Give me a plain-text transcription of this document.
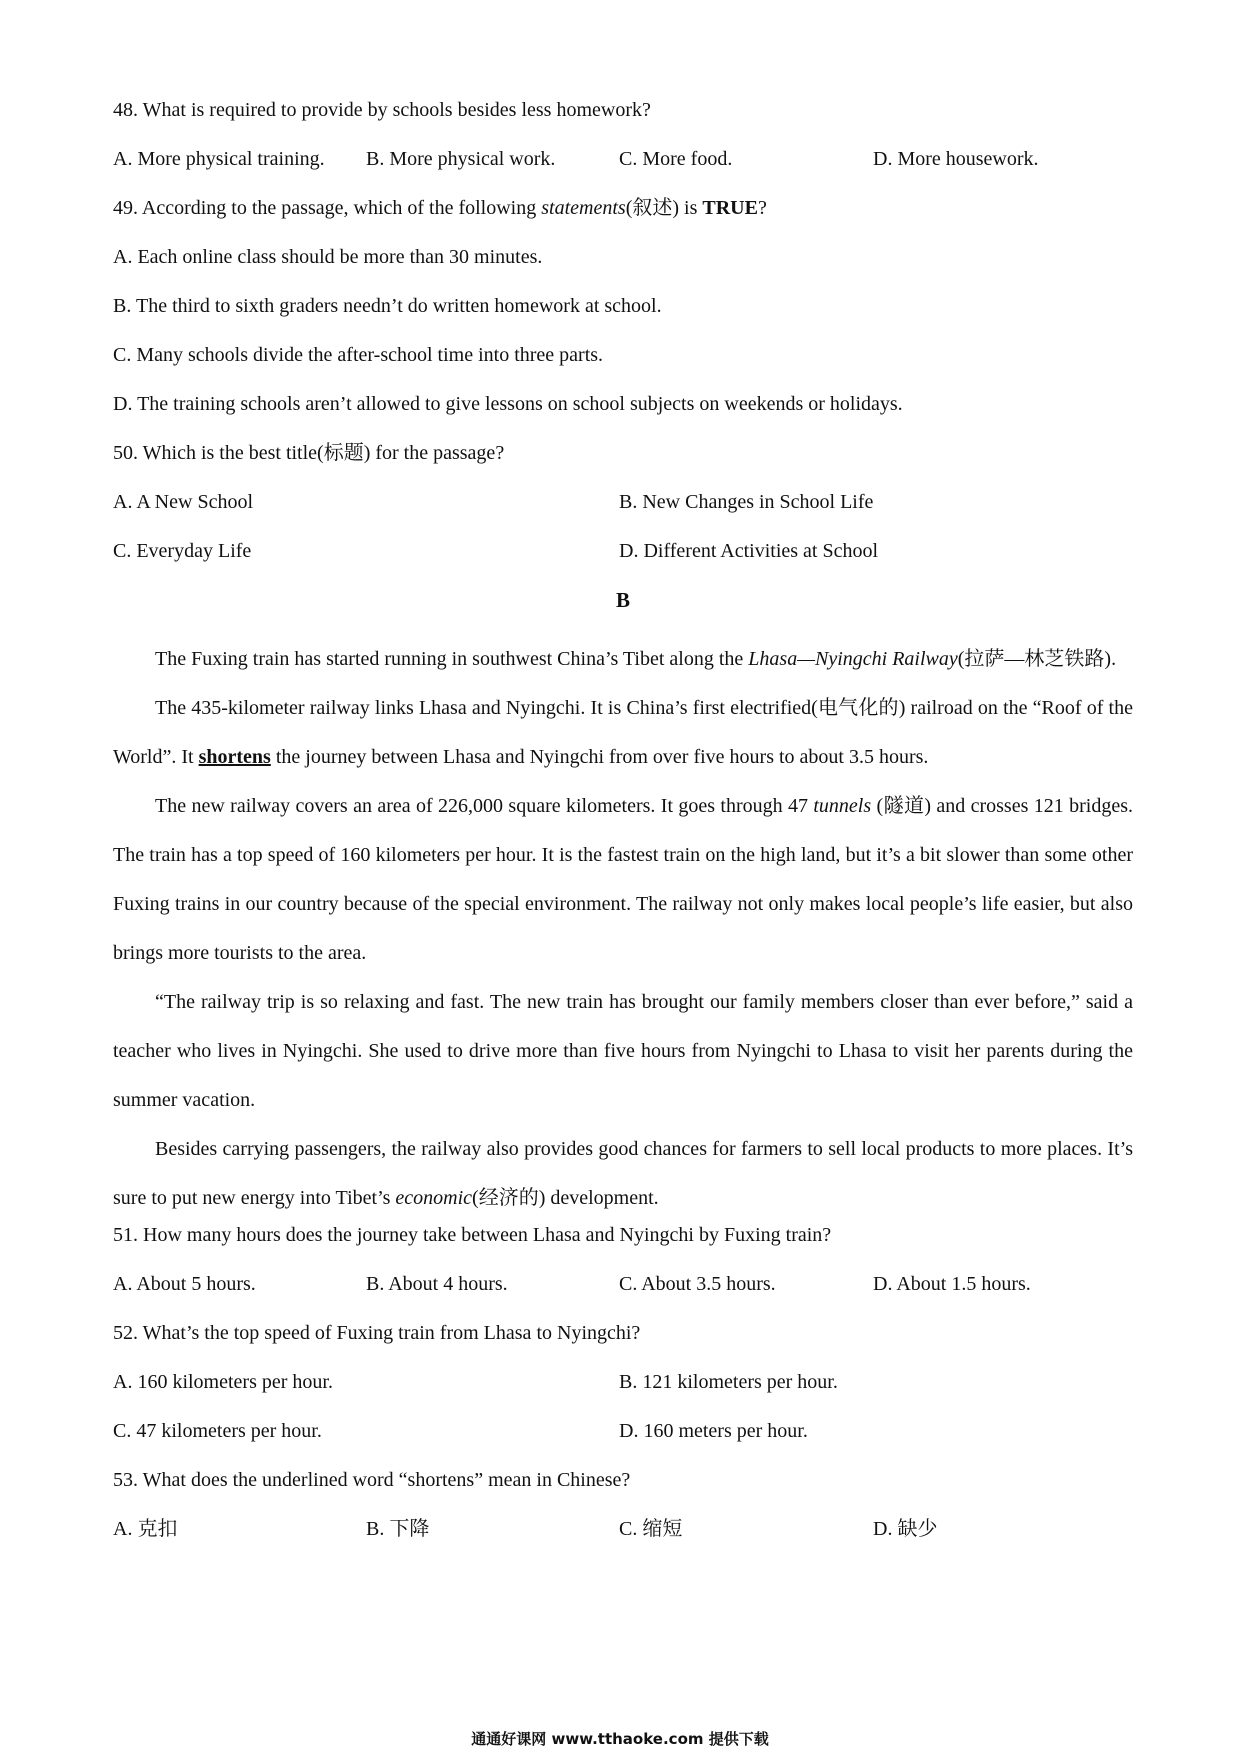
48. What is required to provide by schools besides less homework?
A. More physical training.	B. More physical work.	C. More food.	D. More housework.
49. According to the passage, which of the following statements(叙述) is TRUE?
A. Each online class should be more than 30 minutes.
B. The third to sixth graders needn’t do written homework at school.
C. Many schools divide the after-school time into three parts.
D. The training schools aren’t allowed to give lessons on school subjects on weekends or holidays.
50. Which is the best title(标题) for the passage?
A. A New School	B. New Changes in School Life
C. Everyday Life	D. Different Activities at School
B

The Fuxing train has started running in southwest China’s Tibet along the Lhasa—Nyingchi Railway(拉萨—林芝铁路).

The 435-kilometer railway links Lhasa and Nyingchi. It is China’s first electrified(电气化的) railroad on the “Roof of the World”. It shortens the journey between Lhasa and Nyingchi from over five hours to about 3.5 hours.

The new railway covers an area of 226,000 square kilometers. It goes through 47 tunnels (隧道) and crosses 121 bridges. The train has a top speed of 160 kilometers per hour. It is the fastest train on the high land, but it’s a bit slower than some other Fuxing trains in our country because of the special environment. The railway not only makes local people’s life easier, but also brings more tourists to the area.

“The railway trip is so relaxing and fast. The new train has brought our family members closer than ever before,” said a teacher who lives in Nyingchi. She used to drive more than five hours from Nyingchi to Lhasa to visit her parents during the summer vacation.

Besides carrying passengers, the railway also provides good chances for farmers to sell local products to more places. It’s sure to put new energy into Tibet’s economic(经济的) development.

51. How many hours does the journey take between Lhasa and Nyingchi by Fuxing train?
A. About 5 hours.	B. About 4 hours.	C. About 3.5 hours.	D. About 1.5 hours.
52. What’s the top speed of Fuxing train from Lhasa to Nyingchi?
A. 160 kilometers per hour.	B. 121 kilometers per hour.
C. 47 kilometers per hour.	D. 160 meters per hour.
53. What does the underlined word “shortens” mean in Chinese?
A. 克扣	B. 下降	C. 缩短	D. 缺少
通通好课网 www.tthaoke.com 提供下载
